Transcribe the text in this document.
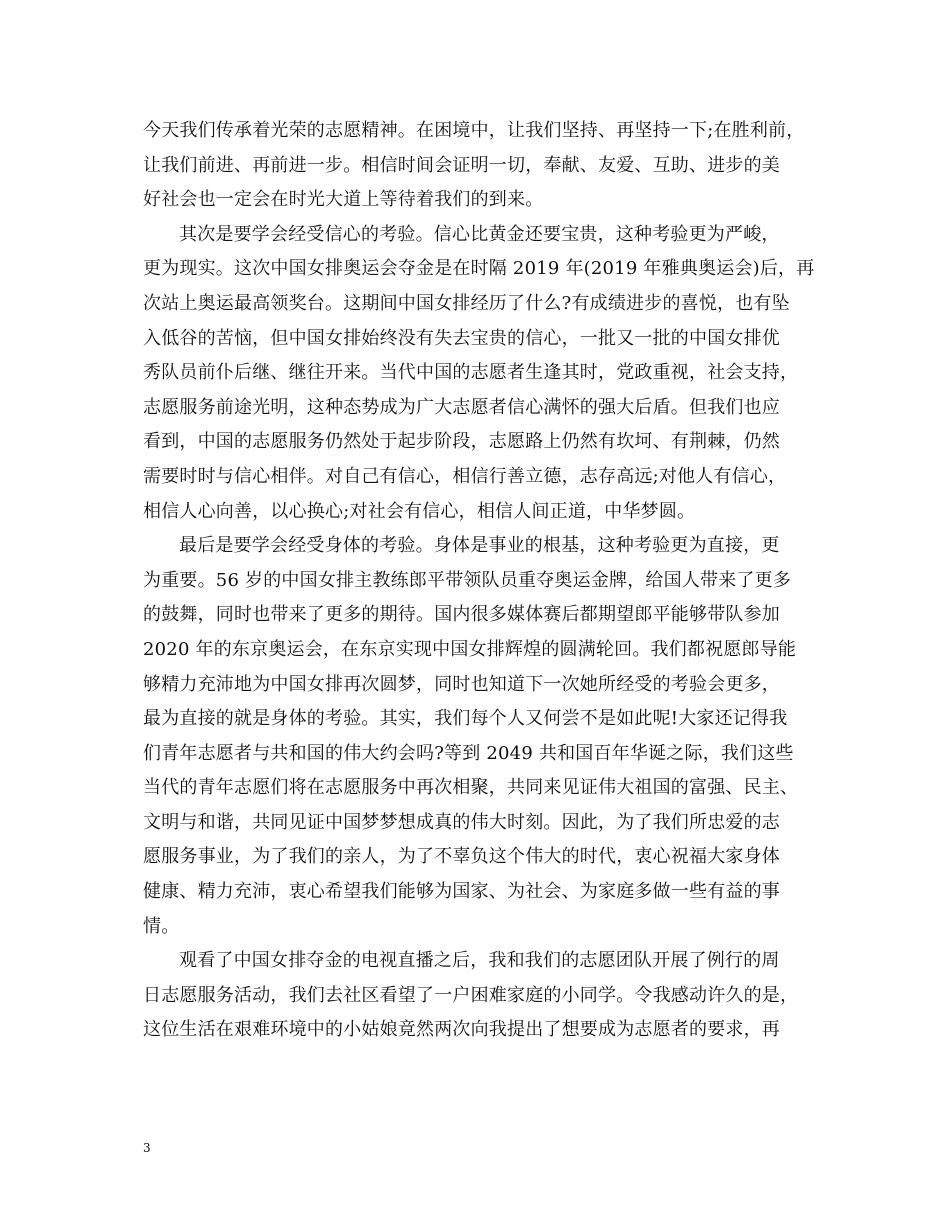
今天我们传承着光荣的志愿精神。在困境中，让我们坚持、再坚持一下;在胜利前，
让我们前进、再前进一步。相信时间会证明一切，奉献、友爱、互助、进步的美
好社会也一定会在时光大道上等待着我们的到来。
其次是要学会经受信心的考验。信心比黄金还要宝贵，这种考验更为严峻，
更为现实。这次中国女排奥运会夺金是在时隔 2019 年(2019 年雅典奥运会)后，再
次站上奥运最高领奖台。这期间中国女排经历了什么?有成绩进步的喜悦，也有坠
入低谷的苦恼，但中国女排始终没有失去宝贵的信心，一批又一批的中国女排优
秀队员前仆后继、继往开来。当代中国的志愿者生逢其时，党政重视，社会支持，
志愿服务前途光明，这种态势成为广大志愿者信心满怀的强大后盾。但我们也应
看到，中国的志愿服务仍然处于起步阶段，志愿路上仍然有坎坷、有荆棘，仍然
需要时时与信心相伴。对自己有信心，相信行善立德，志存高远;对他人有信心，
相信人心向善，以心换心;对社会有信心，相信人间正道，中华梦圆。
最后是要学会经受身体的考验。身体是事业的根基，这种考验更为直接，更
为重要。56 岁的中国女排主教练郎平带领队员重夺奥运金牌，给国人带来了更多
的鼓舞，同时也带来了更多的期待。国内很多媒体赛后都期望郎平能够带队参加
2020 年的东京奥运会，在东京实现中国女排辉煌的圆满轮回。我们都祝愿郎导能
够精力充沛地为中国女排再次圆梦，同时也知道下一次她所经受的考验会更多，
最为直接的就是身体的考验。其实，我们每个人又何尝不是如此呢!大家还记得我
们青年志愿者与共和国的伟大约会吗?等到 2049 共和国百年华诞之际，我们这些
当代的青年志愿们将在志愿服务中再次相聚，共同来见证伟大祖国的富强、民主、
文明与和谐，共同见证中国梦梦想成真的伟大时刻。因此，为了我们所忠爱的志
愿服务事业，为了我们的亲人，为了不辜负这个伟大的时代，衷心祝福大家身体
健康、精力充沛，衷心希望我们能够为国家、为社会、为家庭多做一些有益的事
情。
观看了中国女排夺金的电视直播之后，我和我们的志愿团队开展了例行的周
日志愿服务活动，我们去社区看望了一户困难家庭的小同学。令我感动许久的是，
这位生活在艰难环境中的小姑娘竟然两次向我提出了想要成为志愿者的要求，再
3
